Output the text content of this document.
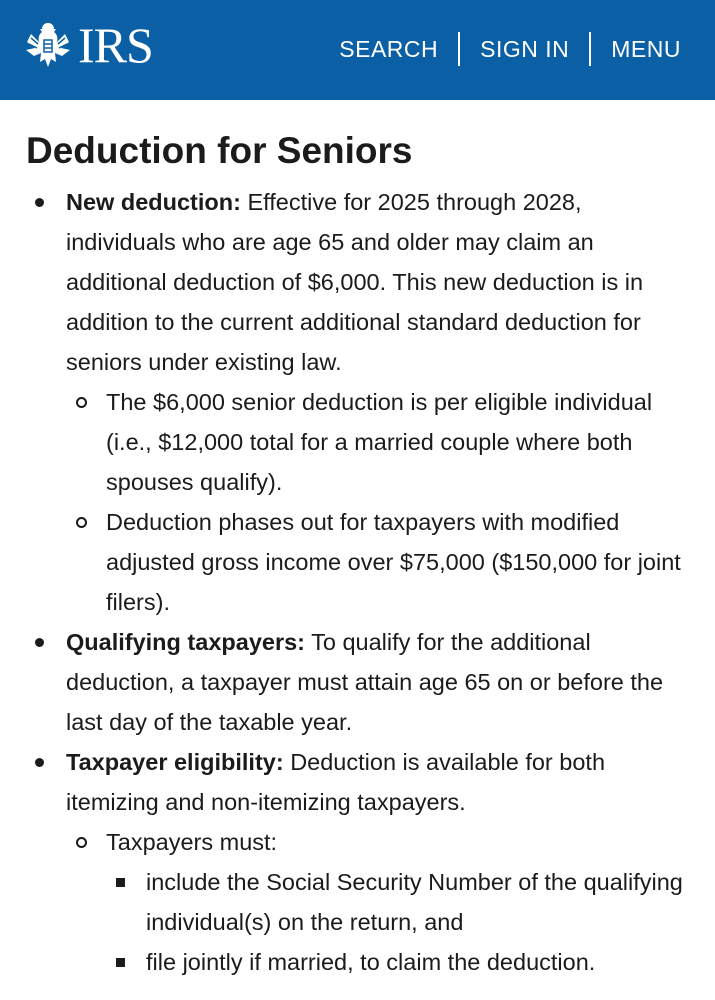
IRS	SEARCH SIGN IN MENU
Deduction for Seniors
New deduction: Effective for 2025 through 2028, individuals who are age 65 and older may claim an additional deduction of $6,000. This new deduction is in addition to the current additional standard deduction for seniors under existing law.
The $6,000 senior deduction is per eligible individual (i.e., $12,000 total for a married couple where both spouses qualify).
Deduction phases out for taxpayers with modified adjusted gross income over $75,000 ($150,000 for joint filers).
Qualifying taxpayers: To qualify for the additional deduction, a taxpayer must attain age 65 on or before the last day of the taxable year.
Taxpayer eligibility: Deduction is available for both itemizing and non-itemizing taxpayers.
Taxpayers must:
include the Social Security Number of the qualifying individual(s) on the return, and
file jointly if married, to claim the deduction.
